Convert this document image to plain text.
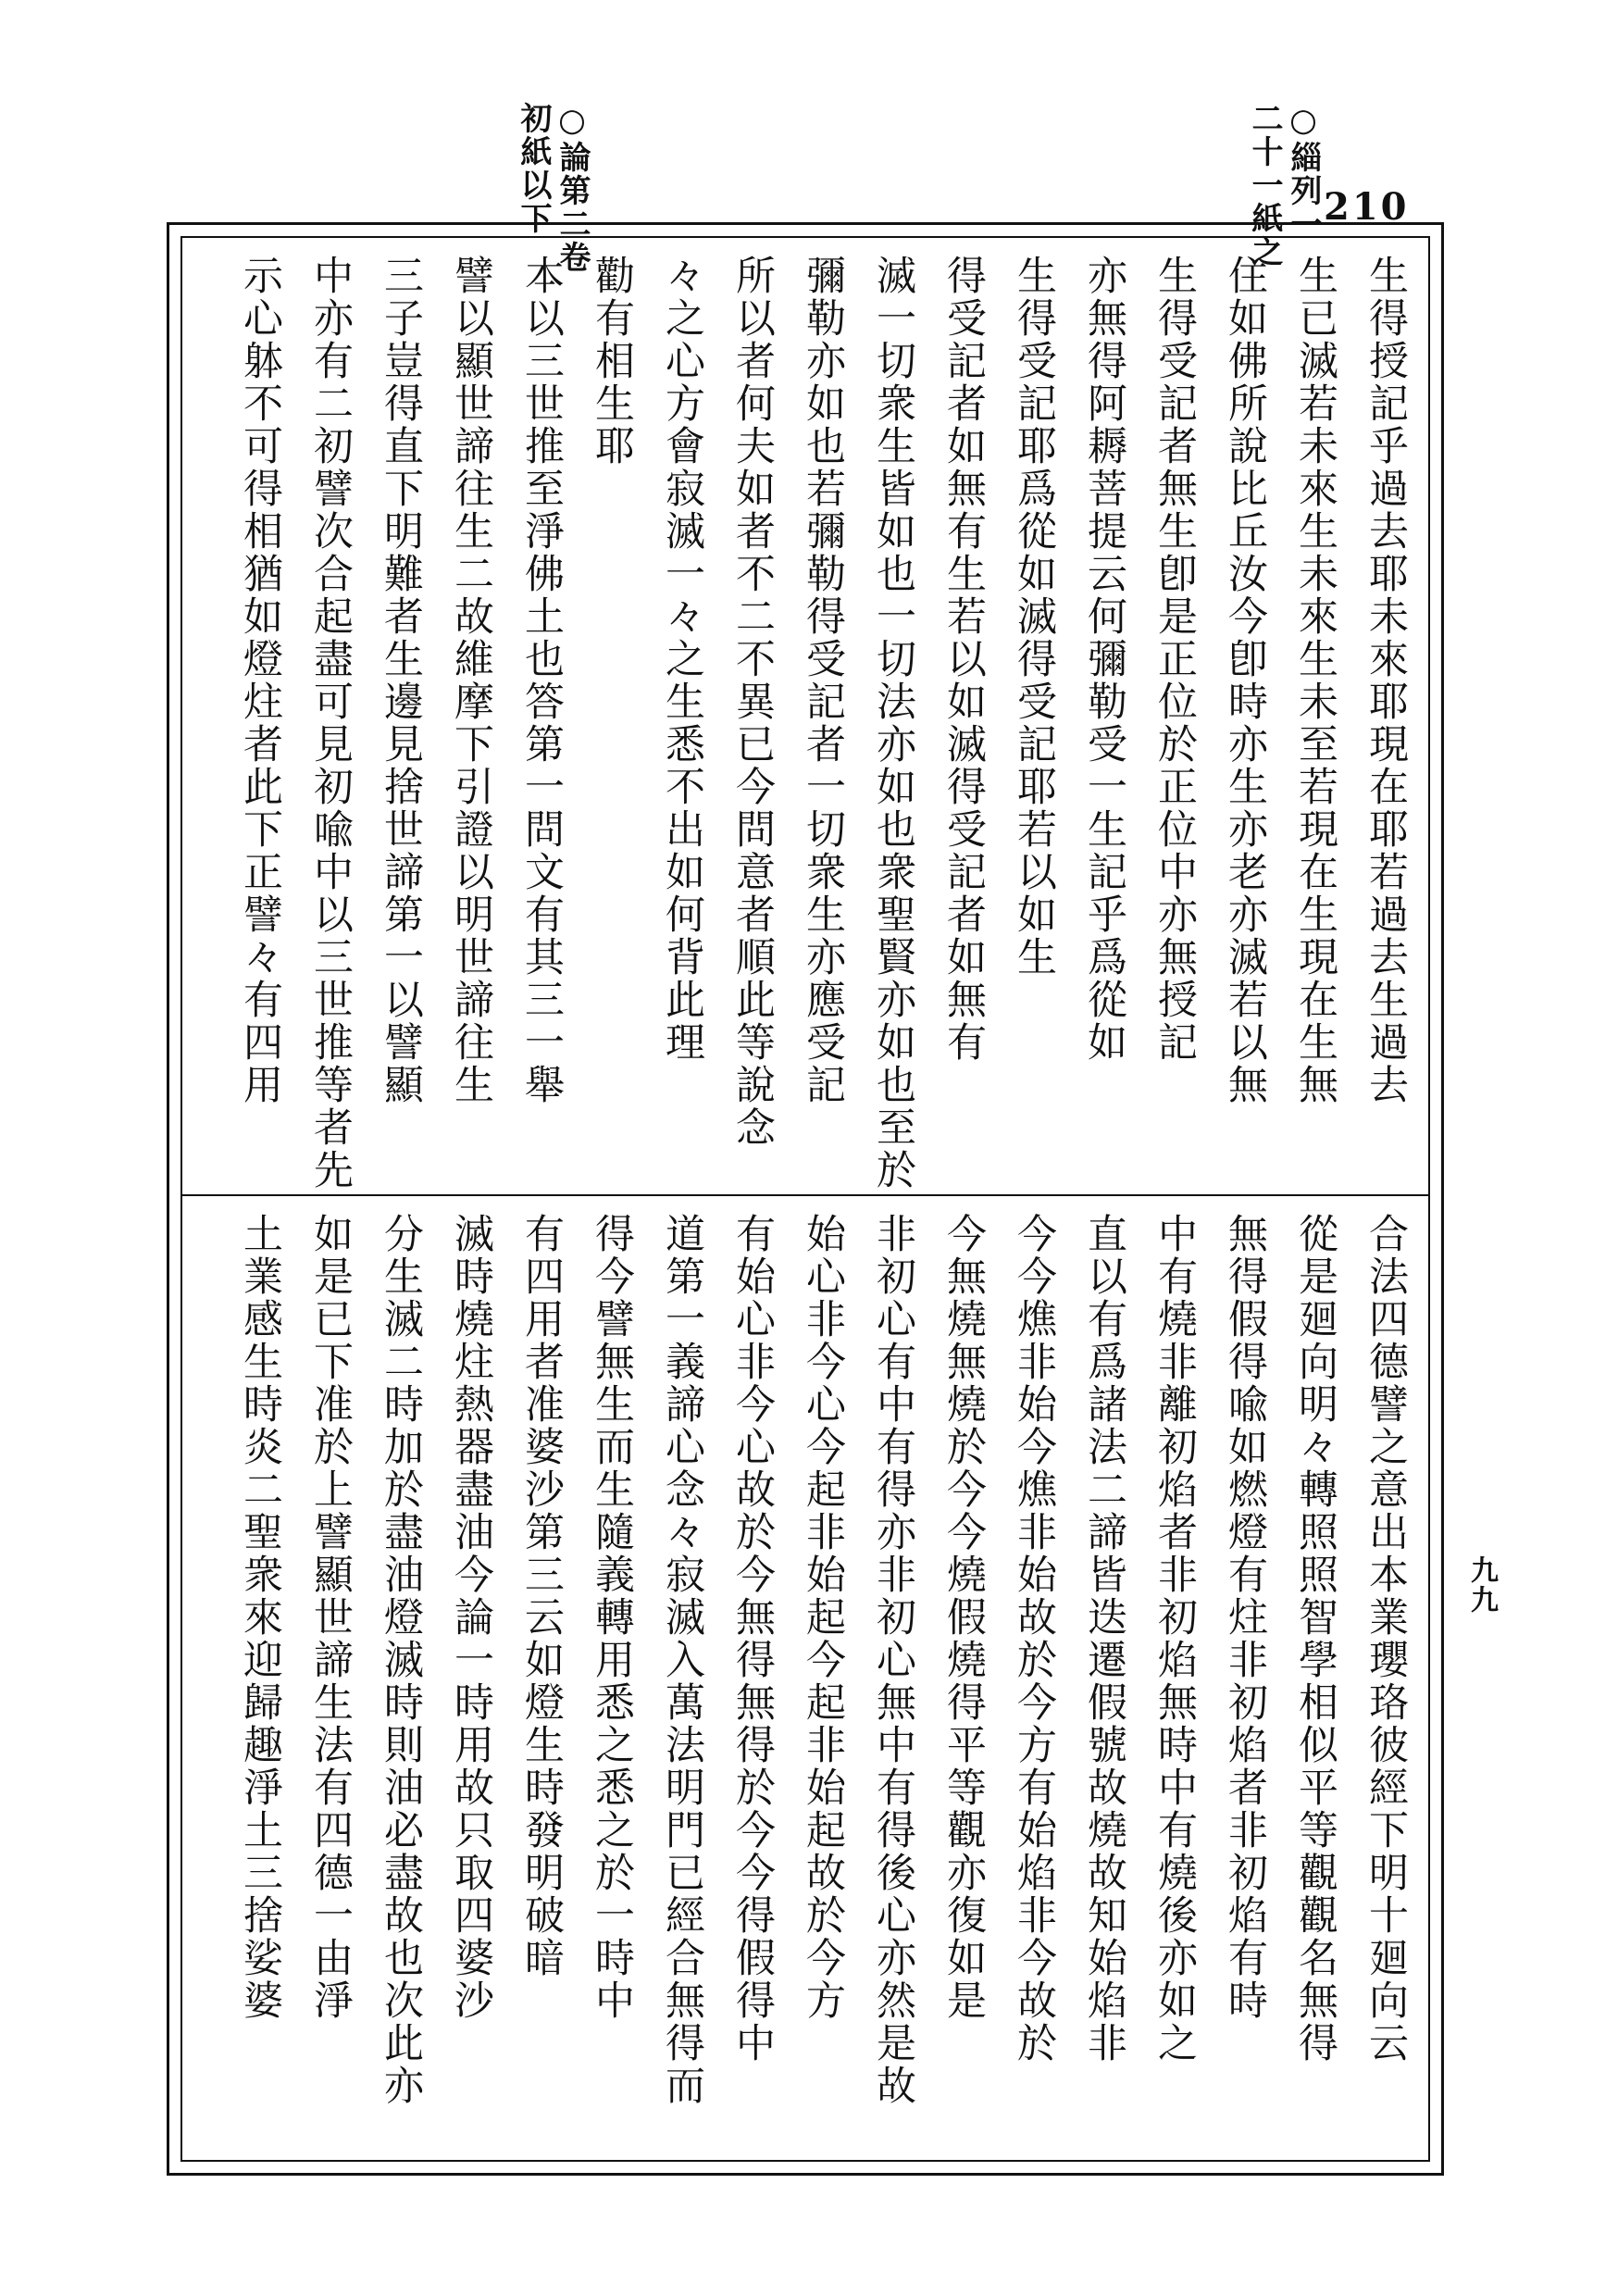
○論第二卷
初紙以下	○緇列一
二十一紙之 210
九九
生得授記乎過去耶未來耶現在耶若過去生過去
生已滅若未來生未來生未至若現在生現在生無
住如佛所說比丘汝今卽時亦生亦老亦滅若以無
生得受記者無生卽是正位於正位中亦無授記
亦無得阿耨菩提云何彌勒受一生記乎爲從如
生得受記耶爲從如滅得受記耶若以如生
得受記者如無有生若以如滅得受記者如無有
滅一切衆生皆如也一切法亦如也衆聖賢亦如也至於
彌勒亦如也若彌勒得受記者一切衆生亦應受記
所以者何夫如者不二不異已今問意者順此等說念
々之心方會寂滅一々之生悉不出如何背此理
勸有相生耶
本以三世推至淨佛土也答第一問文有其三一舉
譬以顯世諦往生二故維摩下引證以明世諦往生
三子豈得直下明難者生邊見捨世諦第一以譬顯
中亦有二初譬次合起盡可見初喩中以三世推等者先
示心躰不可得相猶如燈炷者此下正譬々有四用
合法四德譬之意出本業瓔珞彼經下明十廻向云
從是廻向明々轉照照智學相似平等觀觀名無得
無得假得喩如燃燈有炷非初焰者非初焰有時
中有燒非離初焰者非初焰無時中有燒後亦如之
直以有爲諸法二諦皆迭遷假號故燒故知始焰非
今今燋非始今燋非始故於今方有始焰非今故於
今無燒無燒於今今燒假燒得平等觀亦復如是
非初心有中有得亦非初心無中有得後心亦然是故
始心非今心今起非始起今起非始起故於今方
有始心非今心故於今無得無得於今今得假得中
道第一義諦心念々寂滅入萬法明門已經合無得而
得今譬無生而生隨義轉用悉之悉之於一時中
有四用者准婆沙第三云如燈生時發明破暗
滅時燒炷熱器盡油今論一時用故只取四婆沙
分生滅二時加於盡油燈滅時則油必盡故也次此亦
如是已下准於上譬顯世諦生法有四德一由淨
土業感生時炎二聖衆來迎歸趣淨土三捨娑婆
